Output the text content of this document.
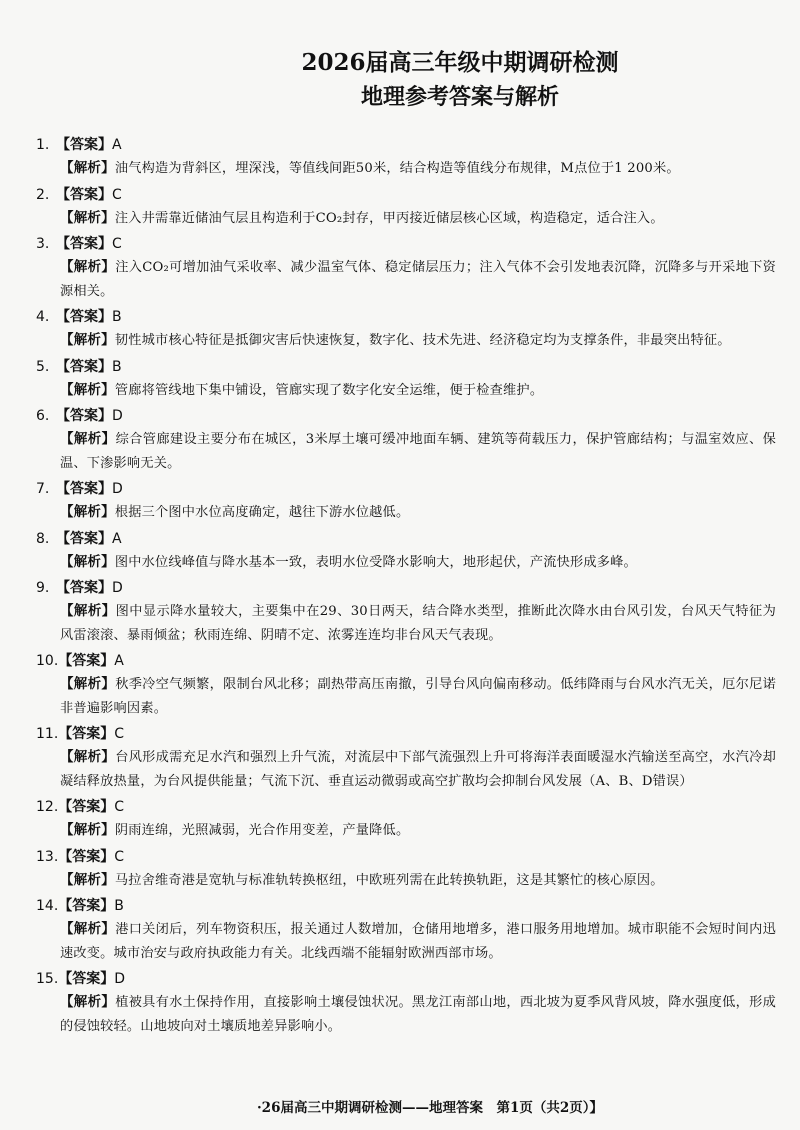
2026届高三年级中期调研检测
地理参考答案与解析
1. 【答案】A
【解析】油气构造为背斜区，埋深浅，等值线间距50米，结合构造等值线分布规律，M点位于1 200米。
2. 【答案】C
【解析】注入井需靠近储油气层且构造利于CO₂封存，甲丙接近储层核心区域，构造稳定，适合注入。
3. 【答案】C
【解析】注入CO₂可增加油气采收率、减少温室气体、稳定储层压力；注入气体不会引发地表沉降，沉降多与开采地下资源相关。
4. 【答案】B
【解析】韧性城市核心特征是抵御灾害后快速恢复，数字化、技术先进、经济稳定均为支撑条件，非最突出特征。
5. 【答案】B
【解析】管廊将管线地下集中铺设，管廊实现了数字化安全运维，便于检查维护。
6. 【答案】D
【解析】综合管廊建设主要分布在城区，3米厚土壤可缓冲地面车辆、建筑等荷载压力，保护管廊结构；与温室效应、保温、下渗影响无关。
7. 【答案】D
【解析】根据三个图中水位高度确定，越往下游水位越低。
8. 【答案】A
【解析】图中水位线峰值与降水基本一致，表明水位受降水影响大，地形起伏，产流快形成多峰。
9. 【答案】D
【解析】图中显示降水量较大，主要集中在29、30日两天，结合降水类型，推断此次降水由台风引发，台风天气特征为风雷滚滚、暴雨倾盆；秋雨连绵、阴晴不定、浓雾连连均非台风天气表现。
10.【答案】A
【解析】秋季冷空气频繁，限制台风北移；副热带高压南撤，引导台风向偏南移动。低纬降雨与台风水汽无关，厄尔尼诺非普遍影响因素。
11.【答案】C
【解析】台风形成需充足水汽和强烈上升气流，对流层中下部气流强烈上升可将海洋表面暖湿水汽输送至高空，水汽冷却凝结释放热量，为台风提供能量；气流下沉、垂直运动微弱或高空扩散均会抑制台风发展（A、B、D错误）
12.【答案】C
【解析】阴雨连绵，光照减弱，光合作用变差，产量降低。
13.【答案】C
【解析】马拉舍维奇港是宽轨与标准轨转换枢纽，中欧班列需在此转换轨距，这是其繁忙的核心原因。
14.【答案】B
【解析】港口关闭后，列车物资积压，报关通过人数增加，仓储用地增多，港口服务用地增加。城市职能不会短时间内迅速改变。城市治安与政府执政能力有关。北线西端不能辐射欧洲西部市场。
15.【答案】D
【解析】植被具有水土保持作用，直接影响土壤侵蚀状况。黑龙江南部山地，西北坡为夏季风背风坡，降水强度低，形成的侵蚀较轻。山地坡向对土壤质地差异影响小。
·26届高三中期调研检测——地理答案　第1页（共2页）】
